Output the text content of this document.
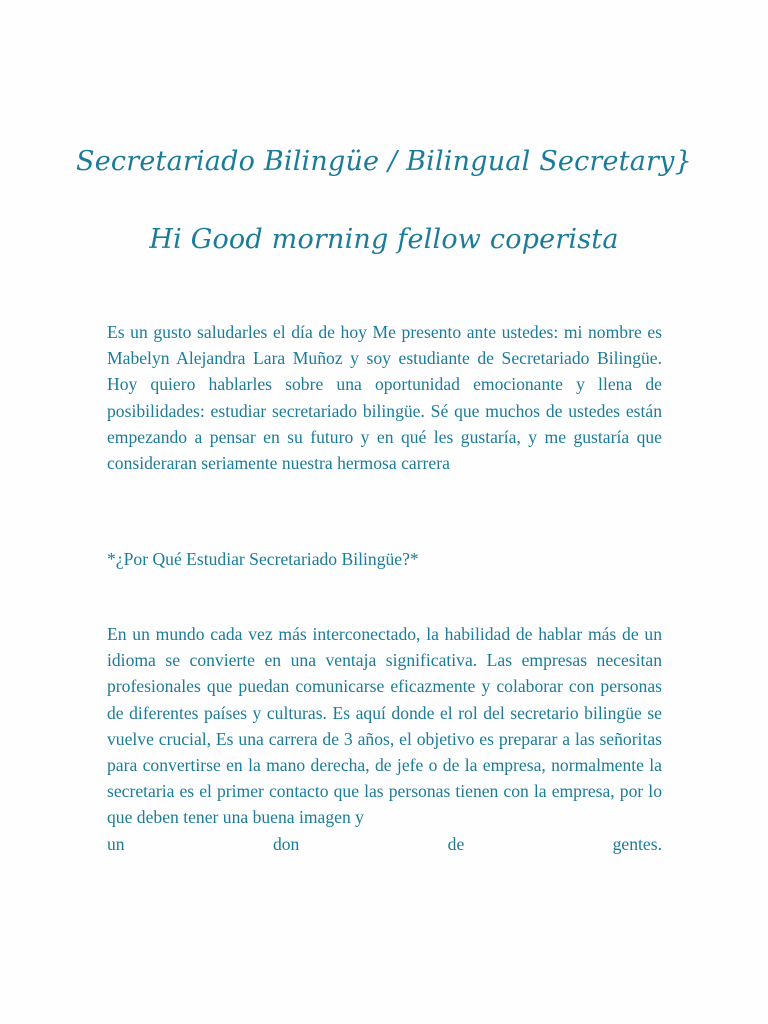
Secretariado Bilingüe / Bilingual Secretary}
Hi Good morning fellow coperista

Es un gusto saludarles el día de hoy Me presento ante ustedes: mi nombre es Mabelyn Alejandra Lara Muñoz y soy estudiante de Secretariado Bilingüe. Hoy quiero hablarles sobre una oportunidad emocionante y llena de posibilidades: estudiar secretariado bilingüe. Sé que muchos de ustedes están empezando a pensar en su futuro y en qué les gustaría, y me gustaría que consideraran seriamente nuestra hermosa carrera

*¿Por Qué Estudiar Secretariado Bilingüe?*

En un mundo cada vez más interconectado, la habilidad de hablar más de un idioma se convierte en una ventaja significativa. Las empresas necesitan profesionales que puedan comunicarse eficazmente y colaborar con personas de diferentes países y culturas. Es aquí donde el rol del secretario bilingüe se vuelve crucial, Es una carrera de 3 años, el objetivo es preparar a las señoritas para convertirse en la mano derecha, de jefe o de la empresa, normalmente la secretaria es el primer contacto que las personas tienen con la empresa, por lo que deben tener una buena imagen y
un	don	de	gentes.
